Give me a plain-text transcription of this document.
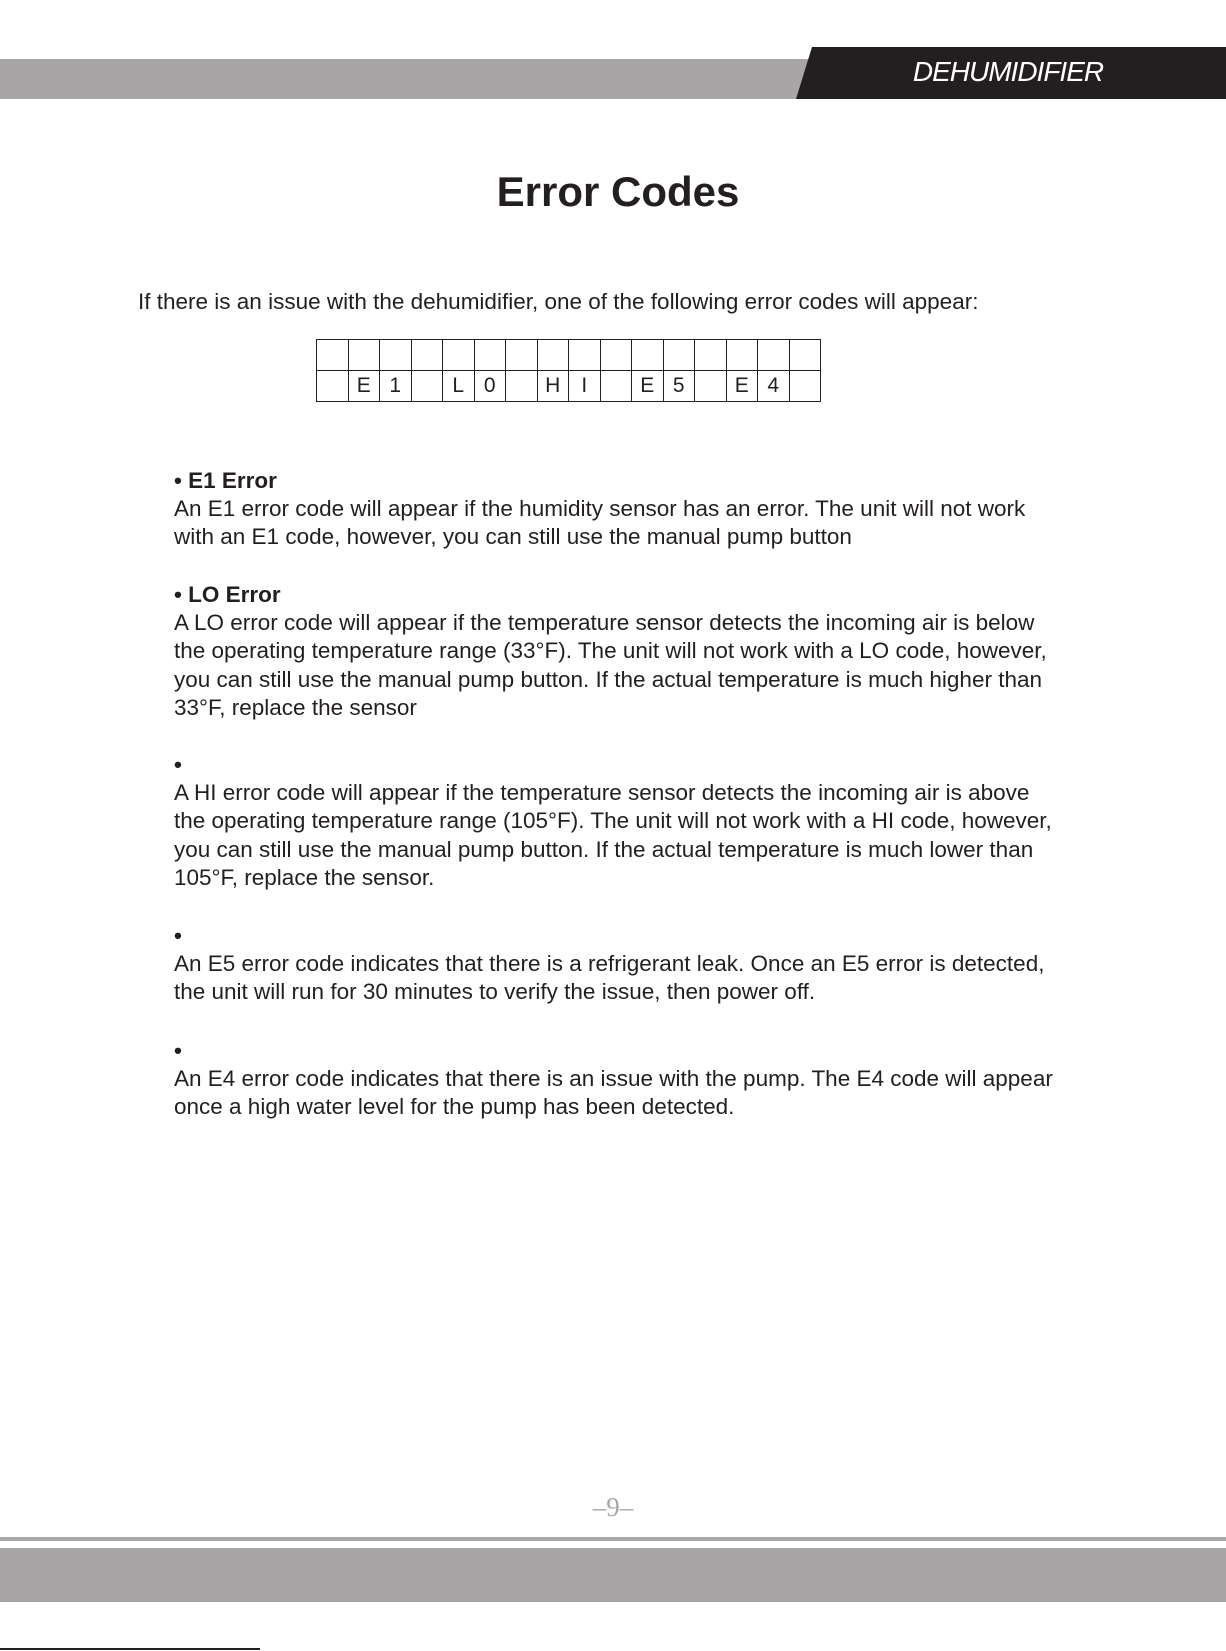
DEHUMIDIFIER
Error Codes
If there is an issue with the dehumidifier, one of the following error codes will appear:

	E	1		L	0		H	I		E	5		E	4	
• E1 Error
An E1 error code will appear if the humidity sensor has an error. The unit will not work
with an E1 code, however, you can still use the manual pump button
• LO Error
A LO error code will appear if the temperature sensor detects the incoming air is below
the operating temperature range (33°F). The unit will not work with a LO code, however,
you can still use the manual pump button. If the actual temperature is much higher than
33°F, replace the sensor
•
A HI error code will appear if the temperature sensor detects the incoming air is above
the operating temperature range (105°F). The unit will not work with a HI code, however,
you can still use the manual pump button. If the actual temperature is much lower than
105°F, replace the sensor.
•
An E5 error code indicates that there is a refrigerant leak. Once an E5 error is detected,
the unit will run for 30 minutes to verify the issue, then power off.
•
An E4 error code indicates that there is an issue with the pump. The E4 code will appear
once a high water level for the pump has been detected.
–9–
